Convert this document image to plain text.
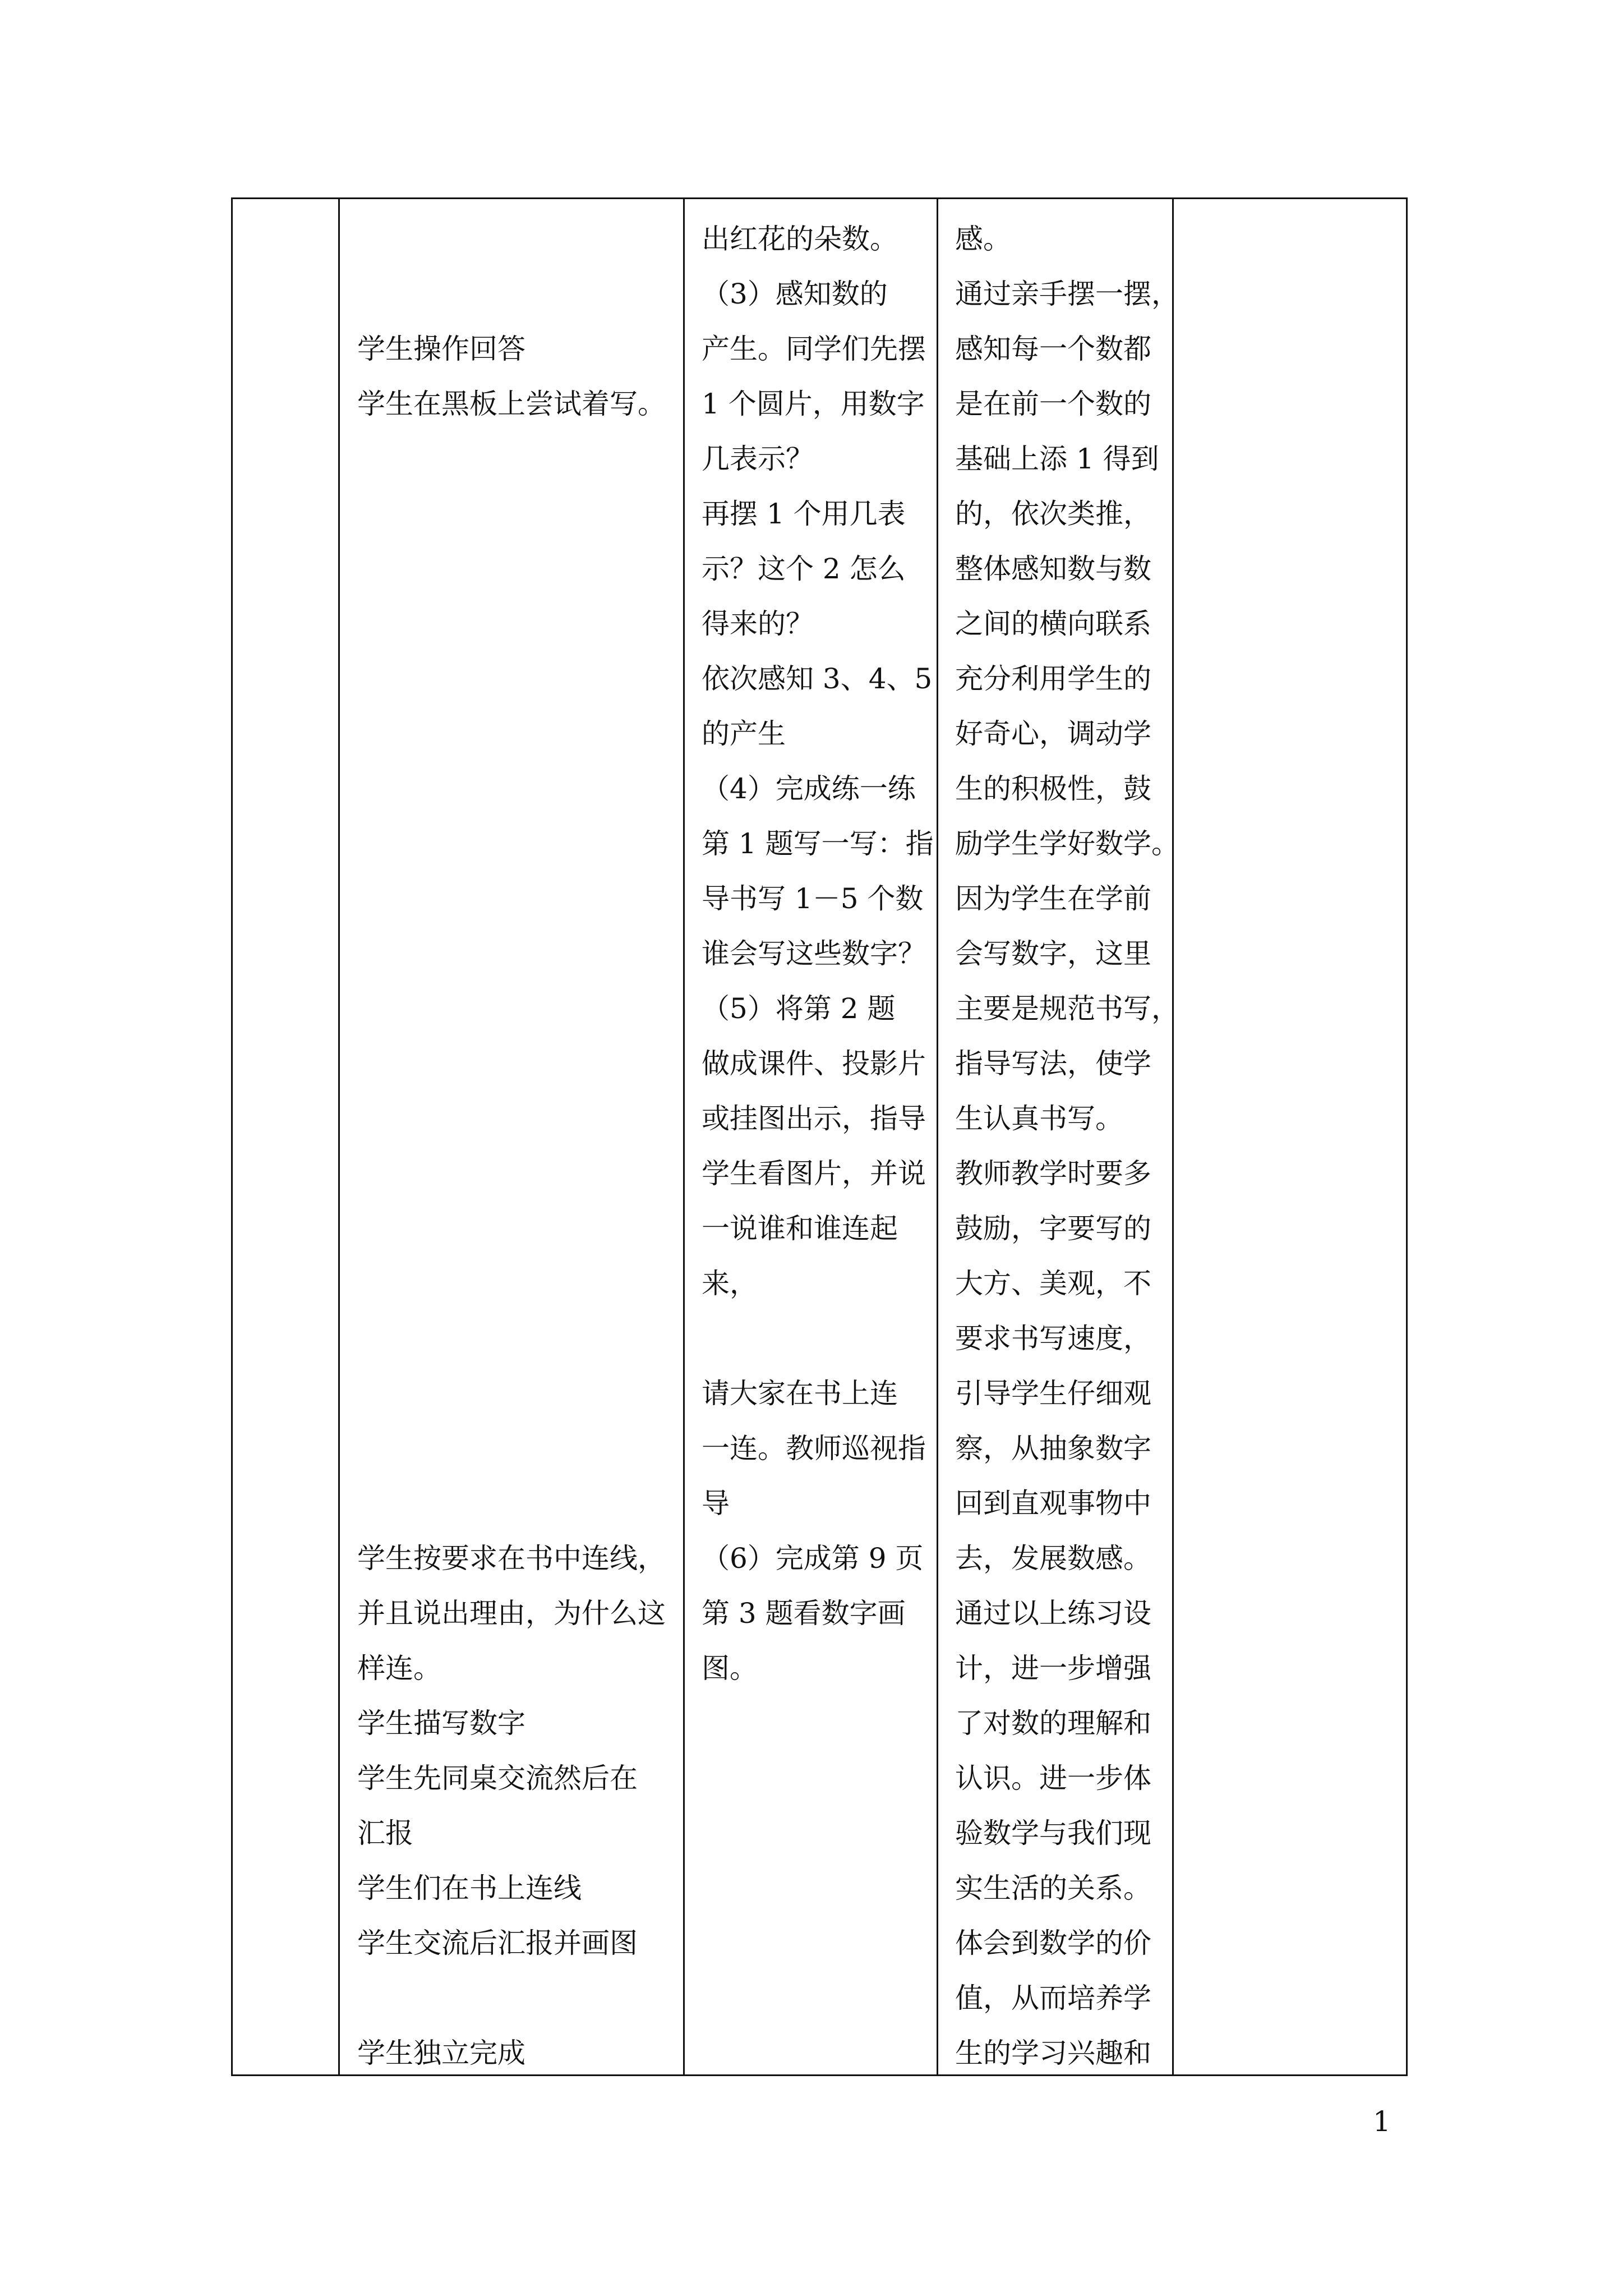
学生操作回答
学生在黑板上尝试着写。
学生按要求在书中连线，
并且说出理由，为什么这
样连。
学生描写数字
学生先同桌交流然后在
汇报
学生们在书上连线
学生交流后汇报并画图
学生独立完成
出红花的朵数。
（3）感知数的
产生。同学们先摆
1 个圆片，用数字
几表示？
再摆 1 个用几表
示？这个 2 怎么
得来的？
依次感知 3、4、5
的产生
（4）完成练一练
第 1 题写一写：指
导书写 1－5 个数
谁会写这些数字？
（5）将第 2 题
做成课件、投影片
或挂图出示，指导
学生看图片，并说
一说谁和谁连起
来，
请大家在书上连
一连。教师巡视指
导
（6）完成第 9 页
第 3 题看数字画
图。
感。
通过亲手摆一摆，
感知每一个数都
是在前一个数的
基础上添 1 得到
的，依次类推，
整体感知数与数
之间的横向联系
充分利用学生的
好奇心，调动学
生的积极性，鼓
励学生学好数学。
因为学生在学前
会写数字，这里
主要是规范书写，
指导写法，使学
生认真书写。
教师教学时要多
鼓励，字要写的
大方、美观，不
要求书写速度，
引导学生仔细观
察，从抽象数字
回到直观事物中
去，发展数感。
通过以上练习设
计，进一步增强
了对数的理解和
认识。进一步体
验数学与我们现
实生活的关系。
体会到数学的价
值，从而培养学
生的学习兴趣和
1
